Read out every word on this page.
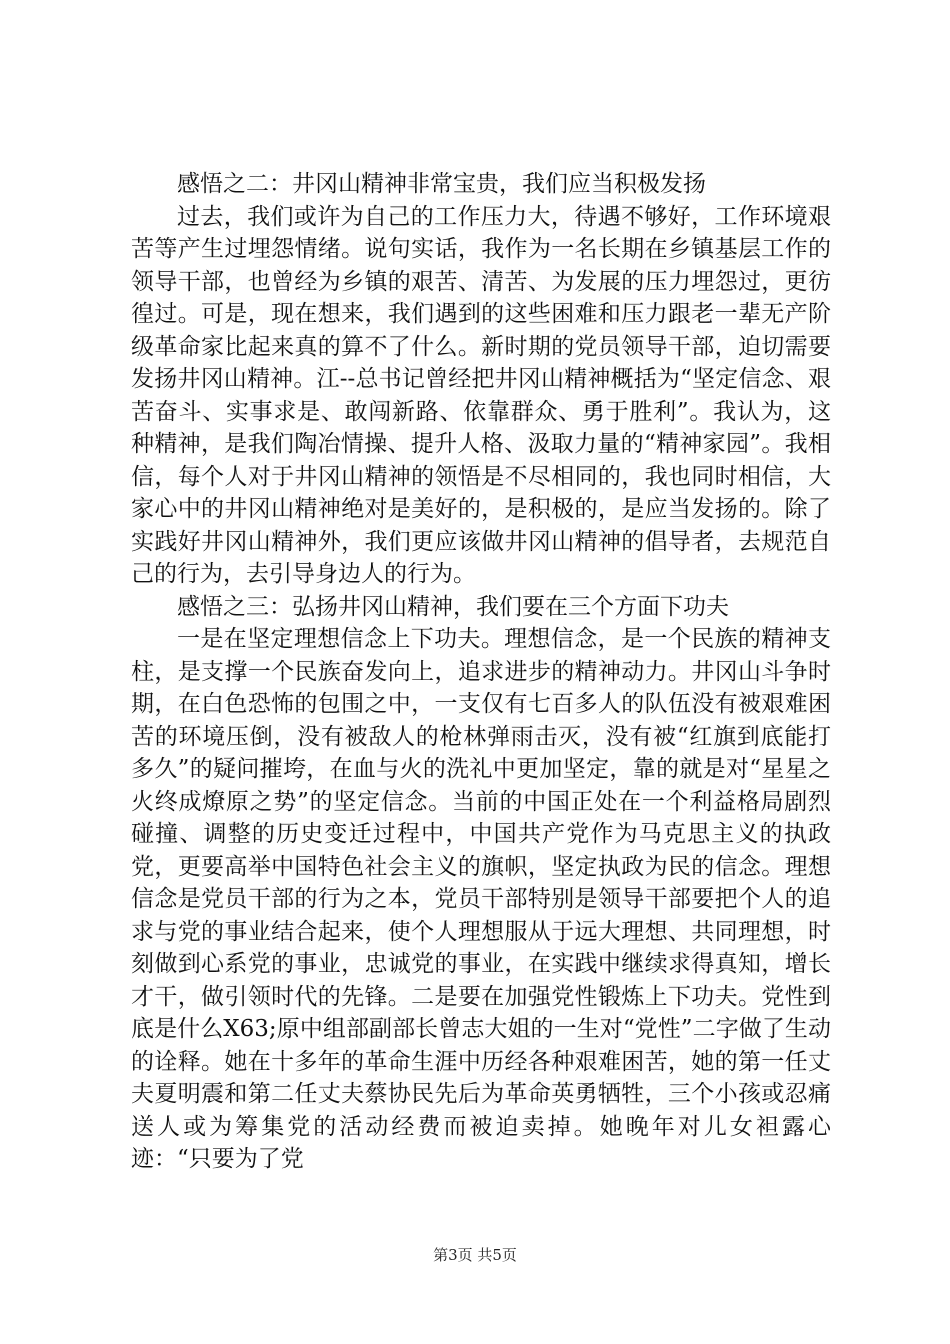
感悟之二：井冈山精神非常宝贵，我们应当积极发扬

过去，我们或许为自己的工作压力大，待遇不够好，工作环境艰苦等产生过埋怨情绪。说句实话，我作为一名长期在乡镇基层工作的领导干部，也曾经为乡镇的艰苦、清苦、为发展的压力埋怨过，更彷徨过。可是，现在想来，我们遇到的这些困难和压力跟老一辈无产阶级革命家比起来真的算不了什么。新时期的党员领导干部，迫切需要发扬井冈山精神。江--总书记曾经把井冈山精神概括为“坚定信念、艰苦奋斗、实事求是、敢闯新路、依靠群众、勇于胜利”。我认为，这种精神，是我们陶冶情操、提升人格、汲取力量的“精神家园”。我相信，每个人对于井冈山精神的领悟是不尽相同的，我也同时相信，大家心中的井冈山精神绝对是美好的，是积极的，是应当发扬的。除了实践好井冈山精神外，我们更应该做井冈山精神的倡导者，去规范自己的行为，去引导身边人的行为。

感悟之三：弘扬井冈山精神，我们要在三个方面下功夫

一是在坚定理想信念上下功夫。理想信念，是一个民族的精神支柱，是支撑一个民族奋发向上，追求进步的精神动力。井冈山斗争时期，在白色恐怖的包围之中，一支仅有七百多人的队伍没有被艰难困苦的环境压倒，没有被敌人的枪林弹雨击灭，没有被“红旗到底能打多久”的疑问摧垮，在血与火的洗礼中更加坚定，靠的就是对“星星之火终成燎原之势”的坚定信念。当前的中国正处在一个利益格局剧烈碰撞、调整的历史变迁过程中，中国共产党作为马克思主义的执政党，更要高举中国特色社会主义的旗帜，坚定执政为民的信念。理想信念是党员干部的行为之本，党员干部特别是领导干部要把个人的追求与党的事业结合起来，使个人理想服从于远大理想、共同理想，时刻做到心系党的事业，忠诚党的事业，在实践中继续求得真知，增长才干，做引领时代的先锋。二是要在加强党性锻炼上下功夫。党性到底是什么X63;原中组部副部长曾志大姐的一生对“党性”二字做了生动的诠释。她在十多年的革命生涯中历经各种艰难困苦，她的第一任丈夫夏明震和第二任丈夫蔡协民先后为革命英勇牺牲，三个小孩或忍痛送人或为筹集党的活动经费而被迫卖掉。她晚年对儿女袒露心迹：“只要为了党

第3页 共5页
